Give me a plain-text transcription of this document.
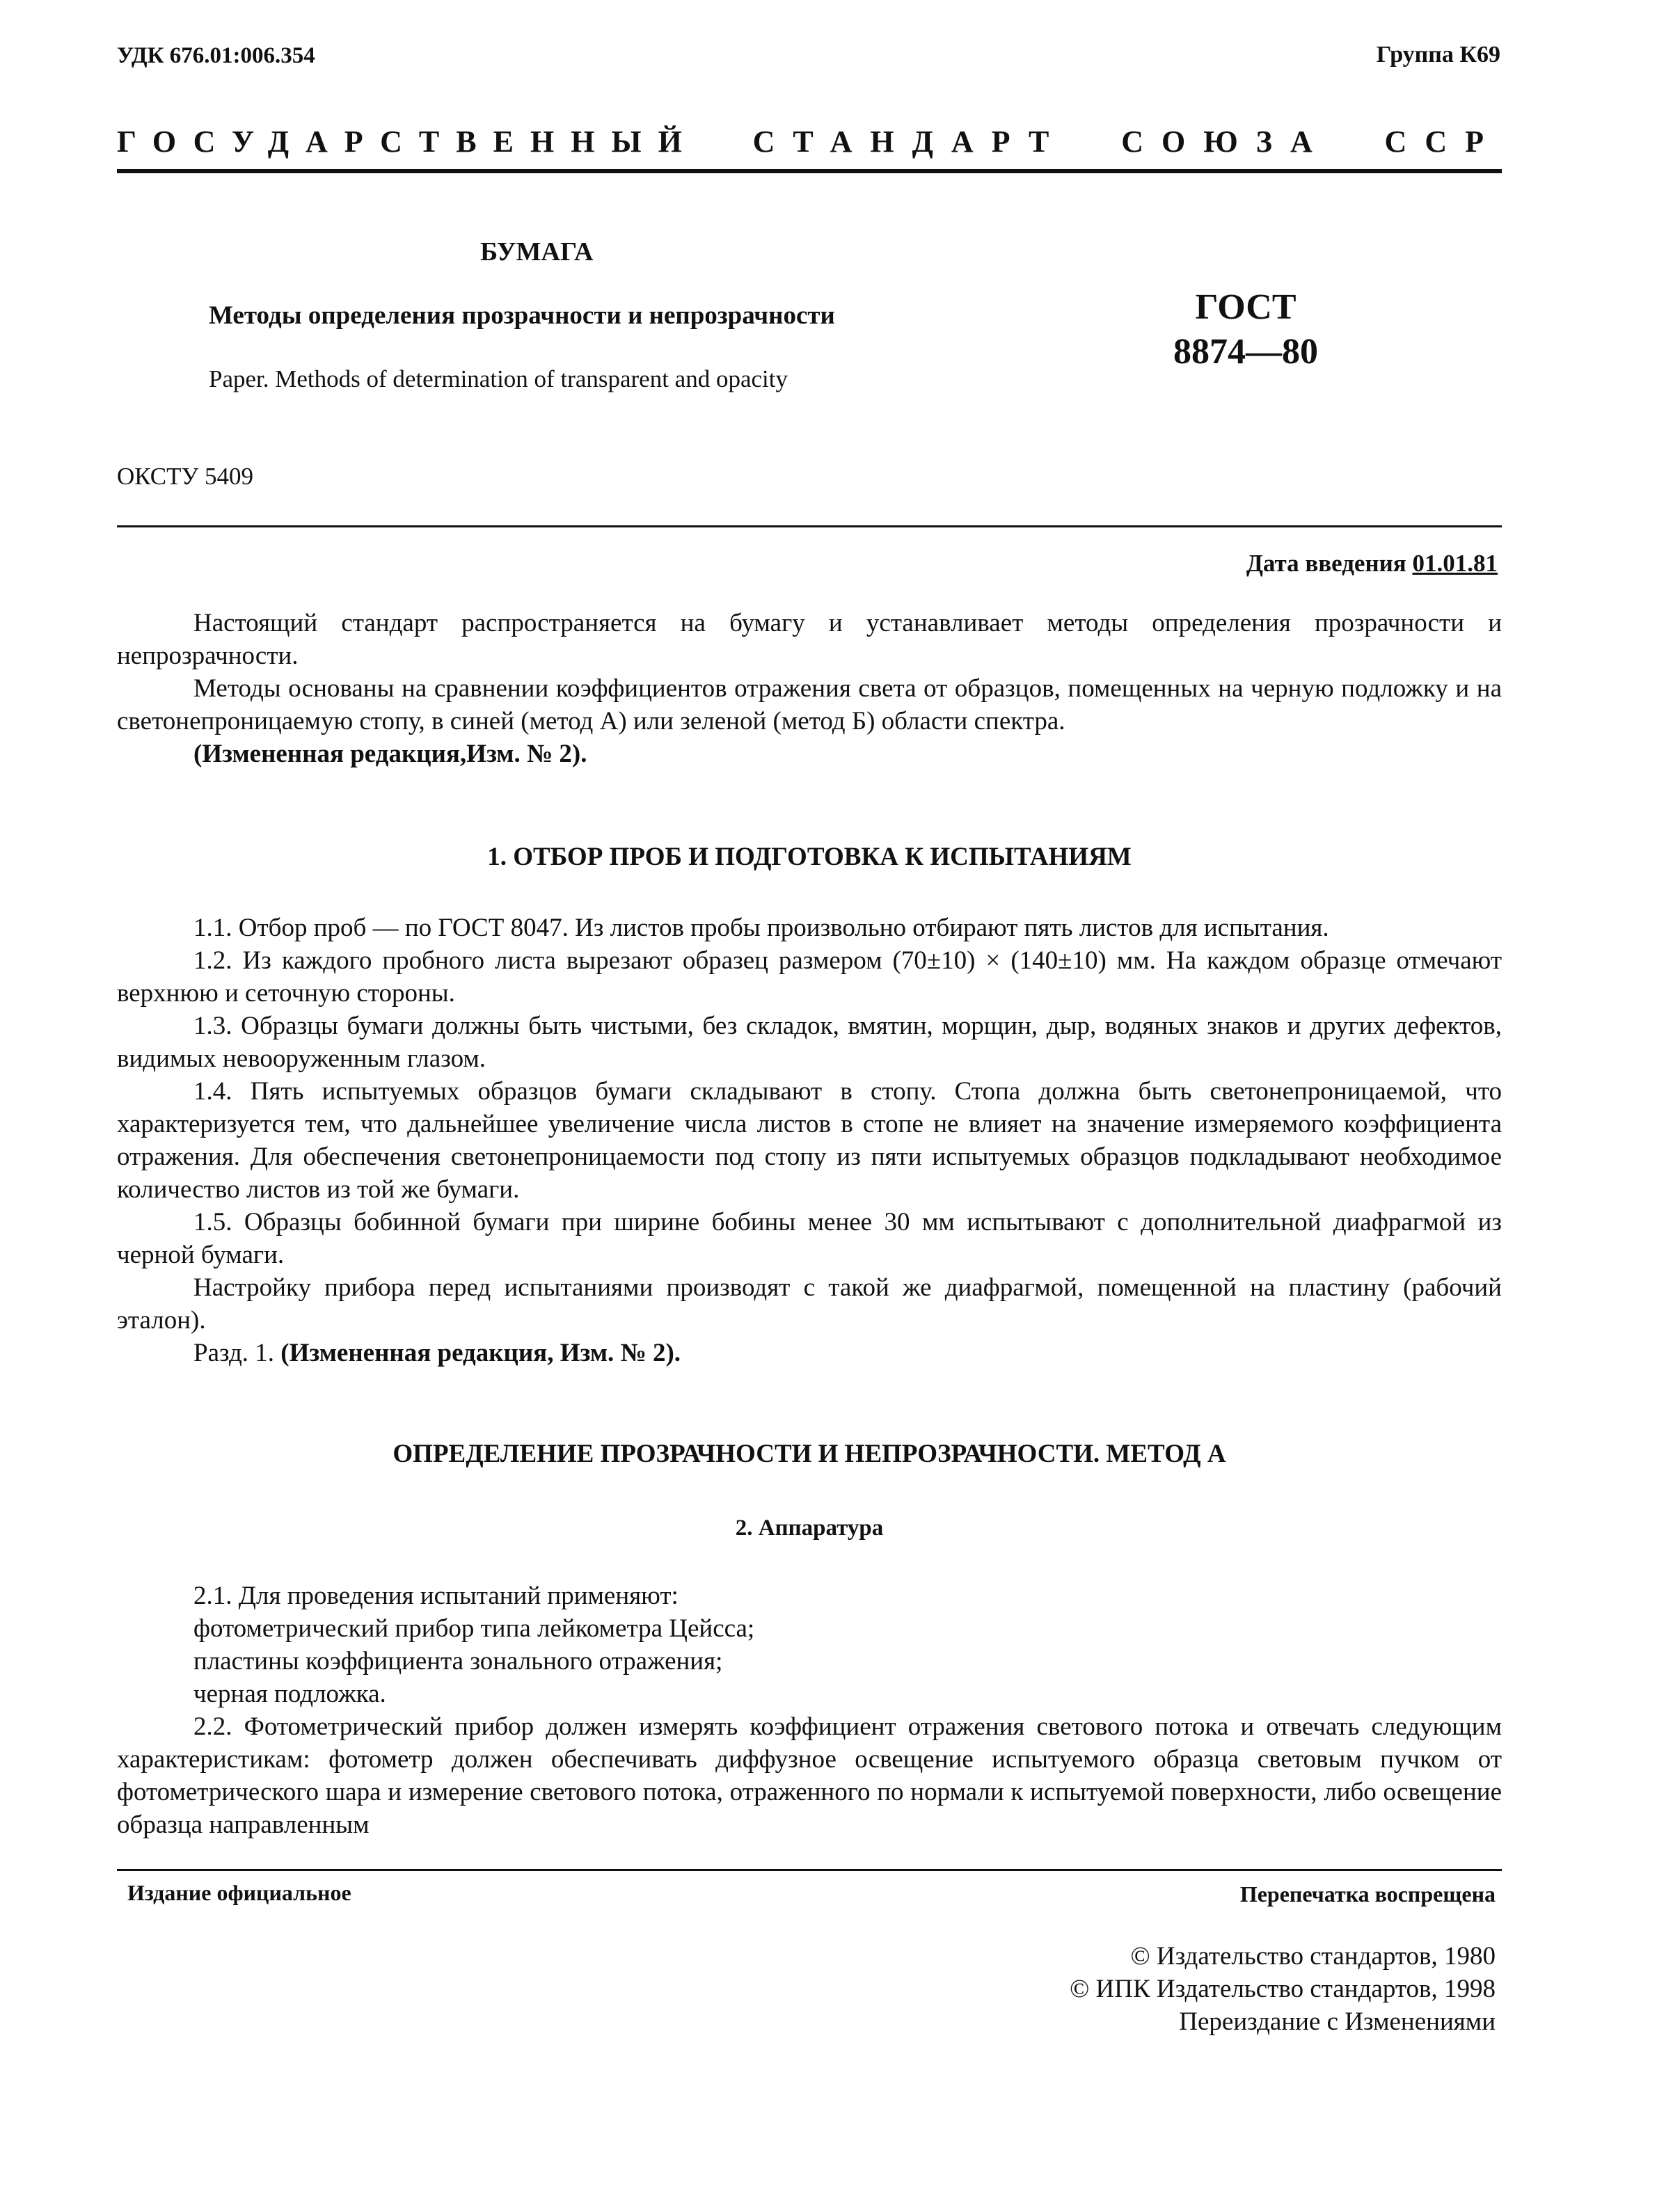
УДК 676.01:006.354	Группа К69
ГОСУДАРСТВЕННЫЙ СТАНДАРТ СОЮЗА ССР
БУМАГА
Методы определения прозрачности и непрозрачности
Paper. Methods of determination of transparent and opacity
ГОСТ
8874—80
ОКСТУ 5409
Дата введения 01.01.81

Настоящий стандарт распространяется на бумагу и устанавливает методы определения прозрачности и непрозрачности.

Методы основаны на сравнении коэффициентов отражения света от образцов, помещенных на черную подложку и на светонепроницаемую стопу, в синей (метод А) или зеленой (метод Б) области спектра.

(Измененная редакция,Изм. № 2).

1. ОТБОР ПРОБ И ПОДГОТОВКА К ИСПЫТАНИЯМ

1.1. Отбор проб — по ГОСТ 8047. Из листов пробы произвольно отбирают пять листов для испытания.

1.2. Из каждого пробного листа вырезают образец размером (70±10) × (140±10) мм. На каждом образце отмечают верхнюю и сеточную стороны.

1.3. Образцы бумаги должны быть чистыми, без складок, вмятин, морщин, дыр, водяных знаков и других дефектов, видимых невооруженным глазом.

1.4. Пять испытуемых образцов бумаги складывают в стопу. Стопа должна быть светонепроницаемой, что характеризуется тем, что дальнейшее увеличение числа листов в стопе не влияет на значение измеряемого коэффициента отражения. Для обеспечения светонепроницаемости под стопу из пяти испытуемых образцов подкладывают необходимое количество листов из той же бумаги.

1.5. Образцы бобинной бумаги при ширине бобины менее 30 мм испытывают с дополнительной диафрагмой из черной бумаги.

Настройку прибора перед испытаниями производят с такой же диафрагмой, помещенной на пластину (рабочий эталон).

Разд. 1. (Измененная редакция, Изм. № 2).

ОПРЕДЕЛЕНИЕ ПРОЗРАЧНОСТИ И НЕПРОЗРАЧНОСТИ. МЕТОД А
2. Аппаратура

2.1. Для проведения испытаний применяют:

фотометрический прибор типа лейкометра Цейсса;

пластины коэффициента зонального отражения;

черная подложка.

2.2. Фотометрический прибор должен измерять коэффициент отражения светового потока и отвечать следующим характеристикам: фотометр должен обеспечивать диффузное освещение испытуемого образца световым пучком от фотометрического шара и измерение светового потока, отраженного по нормали к испытуемой поверхности, либо освещение образца направленным

Издание официальное	Перепечатка воспрещена
© Издательство стандартов, 1980
© ИПК Издательство стандартов, 1998
Переиздание с Изменениями
